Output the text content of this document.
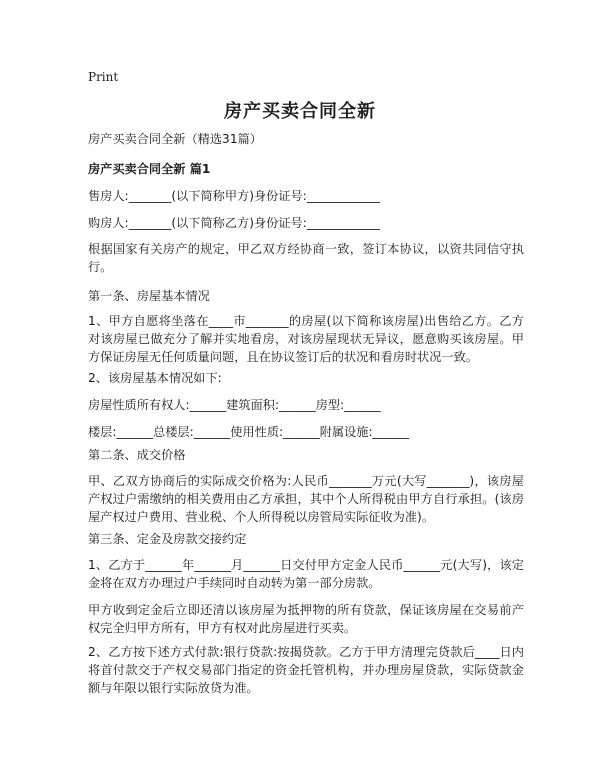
Print
房产买卖合同全新
房产买卖合同全新（精选31篇）
房产买卖合同全新 篇1
售房人:_______(以下简称甲方)身份证号:____________
购房人:_______(以下简称乙方)身份证号:____________
根据国家有关房产的规定，甲乙双方经协商一致，签订本协议，以资共同信守执行。
第一条、房屋基本情况
1、甲方自愿将坐落在____市_______的房屋(以下简称该房屋)出售给乙方。乙方对该房屋已做充分了解并实地看房，对该房屋现状无异议，愿意购买该房屋。甲方保证房屋无任何质量问题，且在协议签订后的状况和看房时状况一致。
2、该房屋基本情况如下:
房屋性质所有权人:______建筑面积:______房型:______
楼层:______总楼层:______使用性质:______附属设施:______
第二条、成交价格
甲、乙双方协商后的实际成交价格为:人民币_______万元(大写_______)，该房屋产权过户需缴纳的相关费用由乙方承担，其中个人所得税由甲方自行承担。(该房屋产权过户费用、营业税、个人所得税以房管局实际征收为准)。
第三条、定金及房款交接约定
1、乙方于______年______月______日交付甲方定金人民币______元(大写)，该定金将在双方办理过户手续同时自动转为第一部分房款。
甲方收到定金后立即还清以该房屋为抵押物的所有贷款，保证该房屋在交易前产权完全归甲方所有，甲方有权对此房屋进行买卖。
2、乙方按下述方式付款:银行贷款:按揭贷款。乙方于甲方清理完贷款后____日内将首付款交于产权交易部门指定的资金托管机构，并办理房屋贷款，实际贷款金额与年限以银行实际放贷为准。
